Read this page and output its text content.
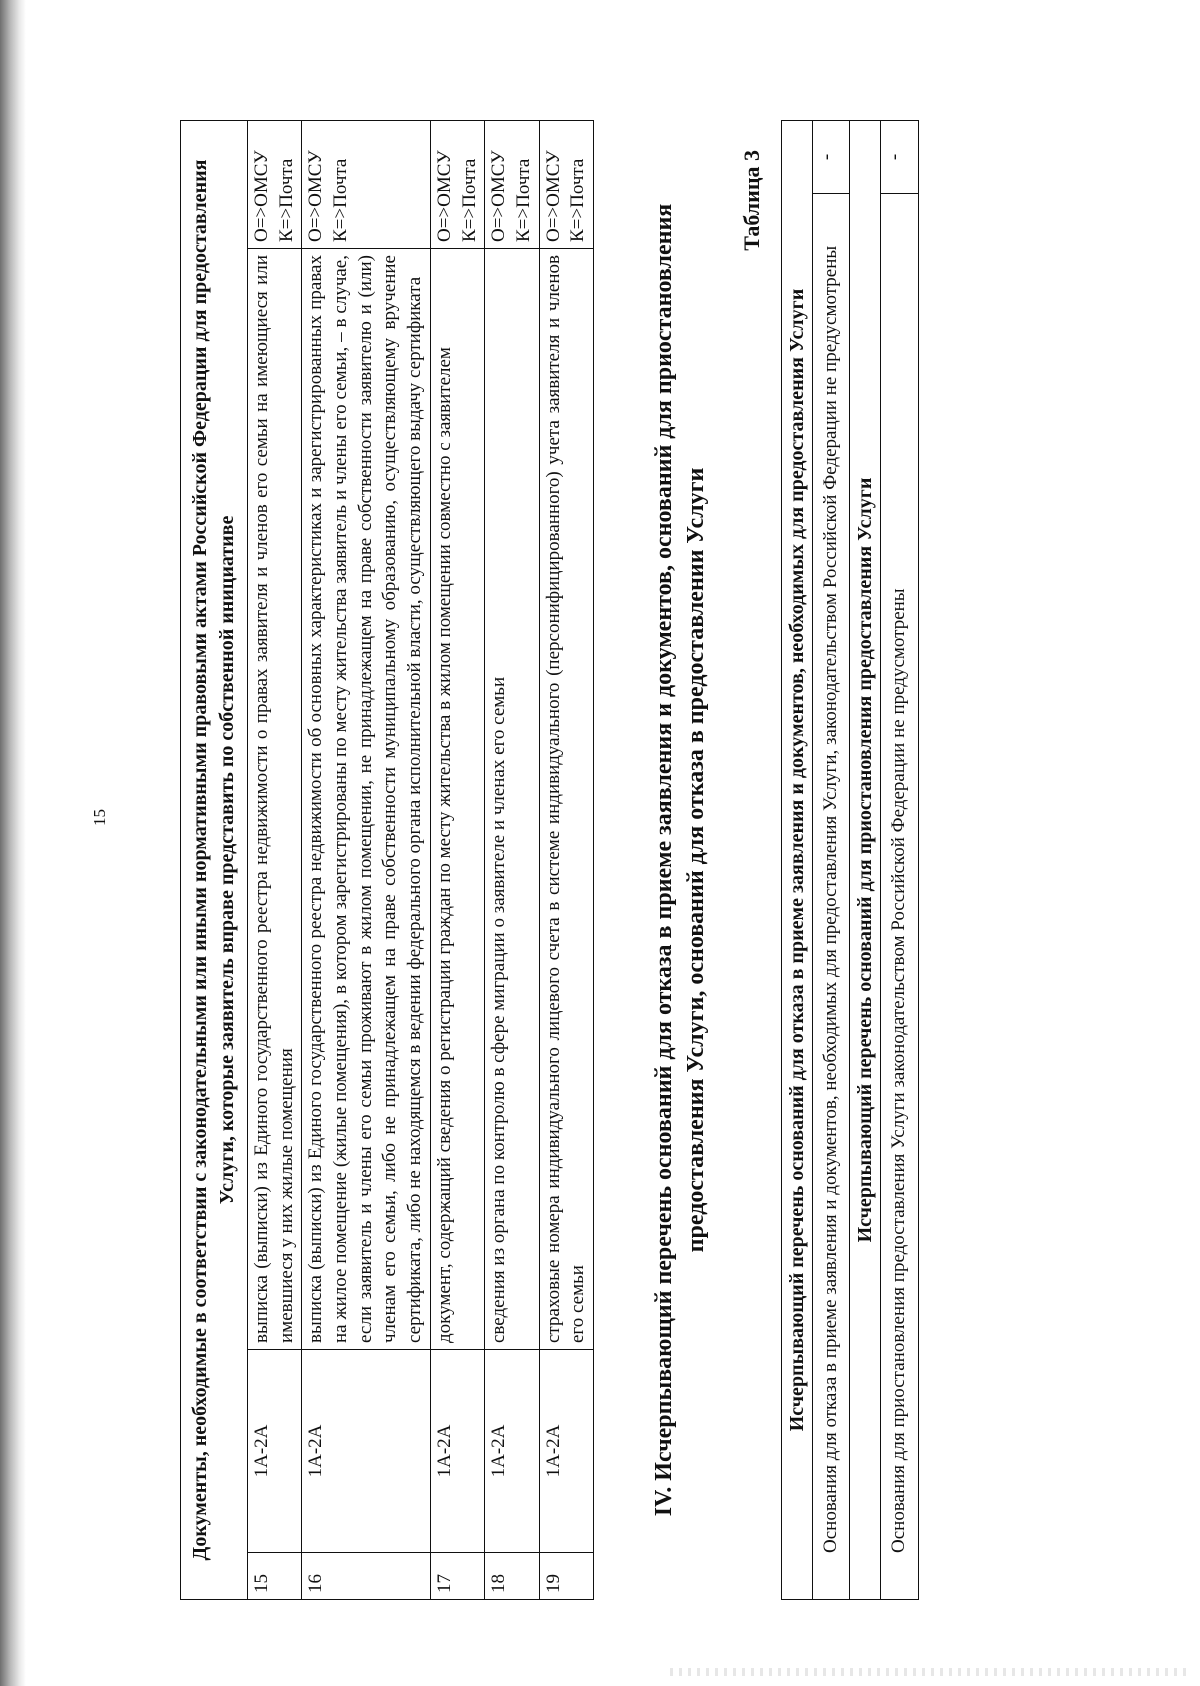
15	Документы, необходимые в соответствии с законодательными или иными нормативными правовыми актами Российской Федерации для предоставления Услуги, которые заявитель вправе представить по собственной инициативе			
15	1А-2А	выписка (выписки) из Единого государственного реестра недвижимости о правах заявителя и членов его семьи на имеющиеся или имевшиеся у них жилые помещения	О=>ОМСУ К=>Почта

16	1А-2А	выписка (выписки) из Единого государственного реестра недвижимости об основных характеристиках и зарегистрированных правах на жилое помещение (жилые помещения), в котором зарегистрированы по месту жительства заявитель и члены его семьи, – в случае, если заявитель и члены его семьи проживают в жилом помещении, не принадлежащем на праве собственности заявителю и (или) членам его семьи, либо не принадлежащем на праве собственности муниципальному образованию, осуществляющему вручение сертификата, либо не находящемся в ведении федерального органа исполнительной власти, осуществляющего выдачу сертификата	О=>ОМСУ К=>Почта

17	1А-2А	документ, содержащий сведения о регистрации граждан по месту жительства в жилом помещении совместно с заявителем	О=>ОМСУ К=>Почта

18	1А-2А	сведения из органа по контролю в сфере миграции о заявителе и членах его семьи	О=>ОМСУ К=>Почта

19	1А-2А	страховые номера индивидуального лицевого счета в системе индивидуального (персонифицированного) учета заявителя и членов его семьи	О=>ОМСУ К=>Почта
IV. Исчерпывающий перечень оснований для отказа в приеме заявления и документов, оснований для приостановления предоставления Услуги, оснований для отказа в предоставлении Услуги
Таблица 3
Исчерпывающий перечень оснований для отказа в приеме заявления и документов, необходимых для предоставления Услуги	
Основания для отказа в приеме заявления и документов, необходимых для предоставления Услуги, законодательством Российской Федерации не предусмотрены	-
Исчерпывающий перечень оснований для приостановления предоставления Услуги	
Основания для приостановления предоставления Услуги законодательством Российской Федерации не предусмотрены	-
